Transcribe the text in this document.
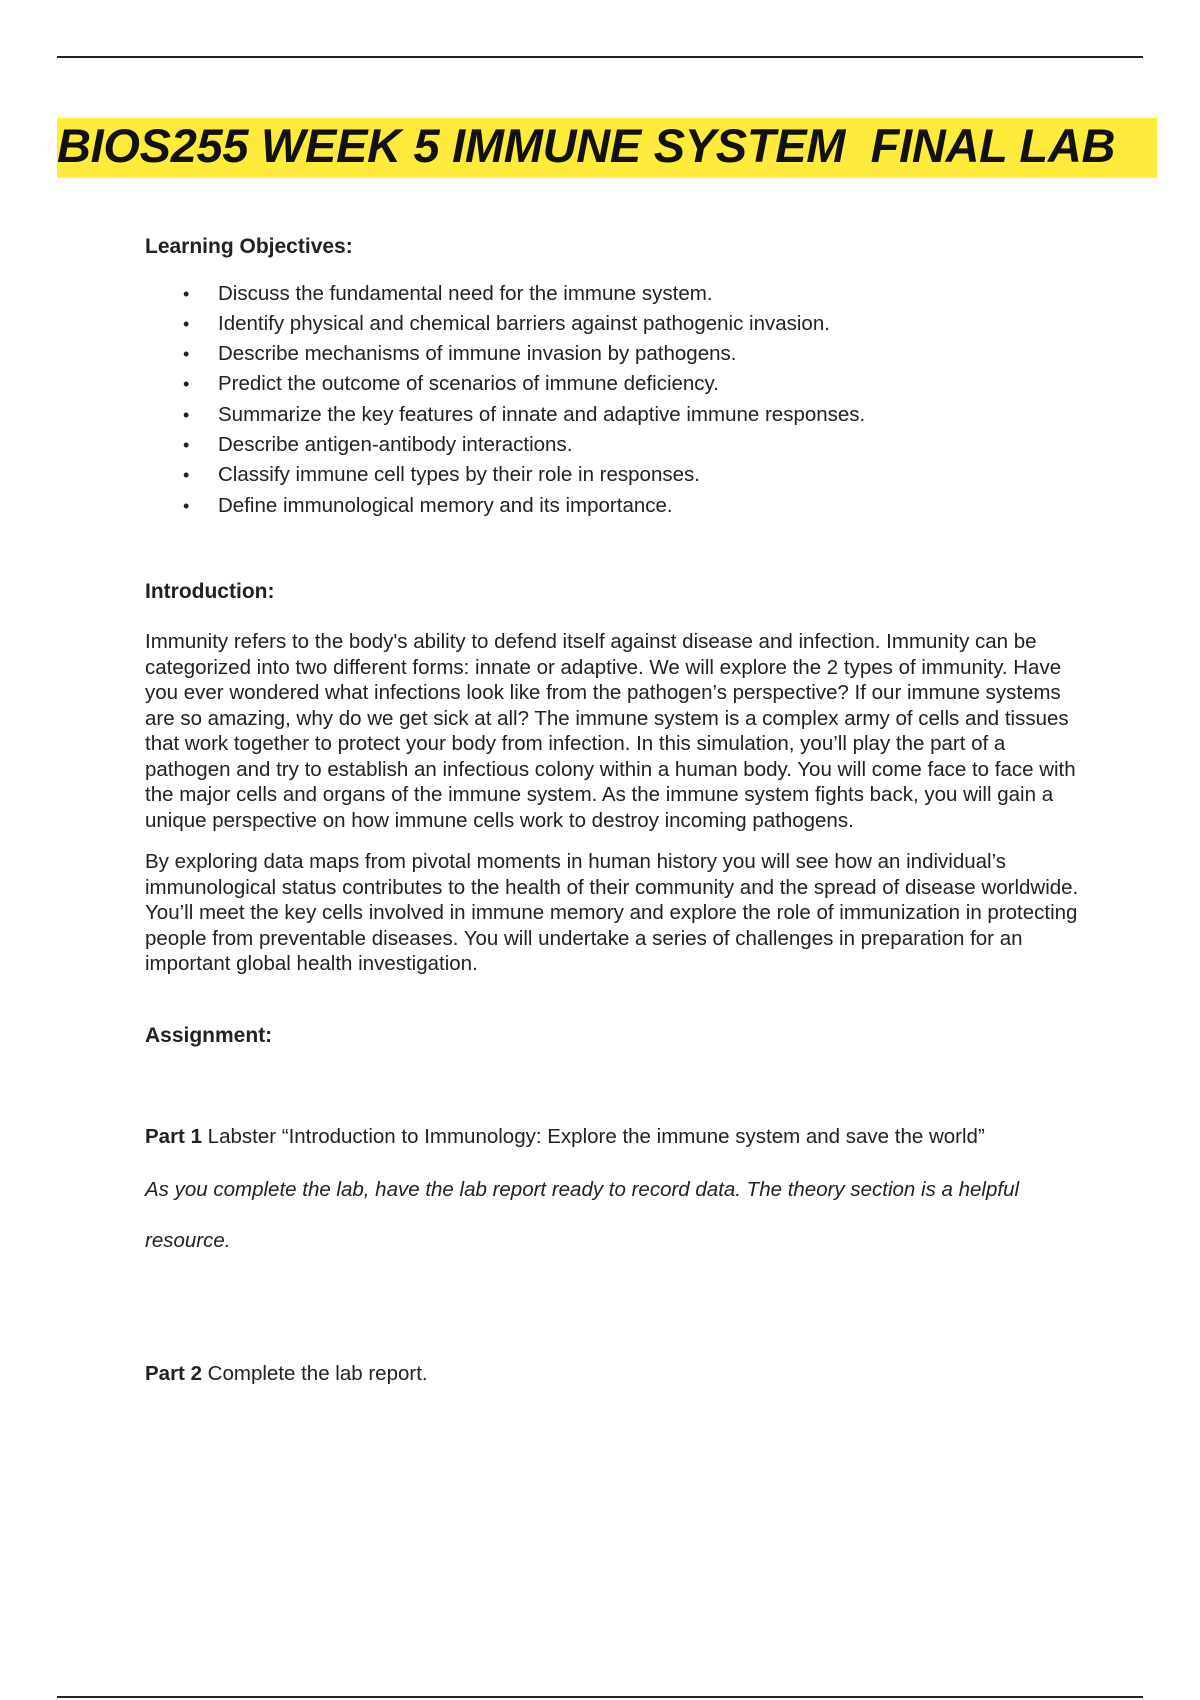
BIOS255 WEEK 5 IMMUNE SYSTEM  FINAL LAB

Learning Objectives:

• Discuss the fundamental need for the immune system.
• Identify physical and chemical barriers against pathogenic invasion.
• Describe mechanisms of immune invasion by pathogens.
• Predict the outcome of scenarios of immune deficiency.
• Summarize the key features of innate and adaptive immune responses.
• Describe antigen-antibody interactions.
• Classify immune cell types by their role in responses.
• Define immunological memory and its importance.

Introduction:

Immunity refers to the body's ability to defend itself against disease and infection. Immunity can be categorized into two different forms: innate or adaptive. We will explore the 2 types of immunity. Have you ever wondered what infections look like from the pathogen’s perspective? If our immune systems are so amazing, why do we get sick at all? The immune system is a complex army of cells and tissues that work together to protect your body from infection. In this simulation, you’ll play the part of a pathogen and try to establish an infectious colony within a human body. You will come face to face with the major cells and organs of the immune system. As the immune system fights back, you will gain a unique perspective on how immune cells work to destroy incoming pathogens.

By exploring data maps from pivotal moments in human history you will see how an individual’s immunological status contributes to the health of their community and the spread of disease worldwide. You’ll meet the key cells involved in immune memory and explore the role of immunization in protecting people from preventable diseases. You will undertake a series of challenges in preparation for an important global health investigation.

Assignment:

Part 1 Labster “Introduction to Immunology: Explore the immune system and save the world”

As you complete the lab, have the lab report ready to record data. The theory section is a helpful resource.

Part 2 Complete the lab report.
